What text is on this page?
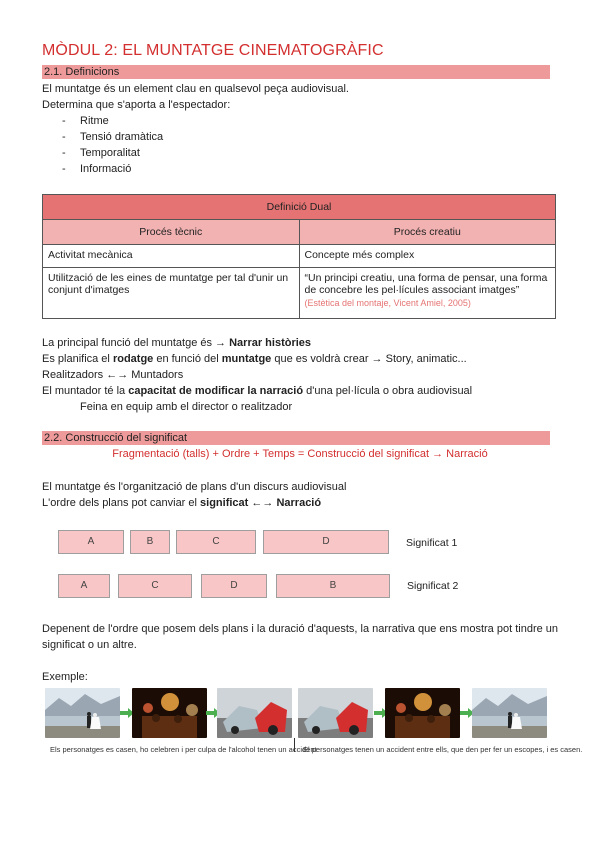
MÒDUL 2: EL MUNTATGE CINEMATOGRÀFIC
2.1. Definicions
El muntatge és un element clau en qualsevol peça audiovisual.
Determina que s'aporta a l'espectador:
- Ritme
- Tensió dramàtica
- Temporalitat
- Informació
Definició Dual	
Procés tècnic	Procés creatiu
Activitat mecànica	Concepte més complex
Utilització de les eines de muntatge per tal d'unir un conjunt d'imatges	“Un principi creatiu, una forma de pensar, una forma de concebre les pel·lícules associant imatges”
(Estètica del montaje, Vicent Amiel, 2005)
La principal funció del muntatge és → Narrar històries
Es planifica el rodatge en funció del muntatge que es voldrà crear → Story, animatic...
Realitzadors ←→ Muntadors
El muntador té la capacitat de modificar la narració d'una pel·lícula o obra audiovisual
Feina en equip amb el director o realitzador
2.2. Construcció del significat
Fragmentació (talls) + Ordre + Temps = Construcció del significat → Narració
El muntatge és l'organització de plans d'un discurs audiovisual
L'ordre dels plans pot canviar el significat ←→ Narració
A	B	C	D	Significat 1
A	C	D	B	Significat 2
Depenent de l'ordre que posem dels plans i la duració d'aquests, la narrativa que ens mostra pot tindre un
significat o un altre.
Exemple:
Els personatges es casen, ho celebren i per culpa de l'alcohol tenen un accident
El personatges tenen un accident entre ells, que den per fer un escopes, i es casen.
